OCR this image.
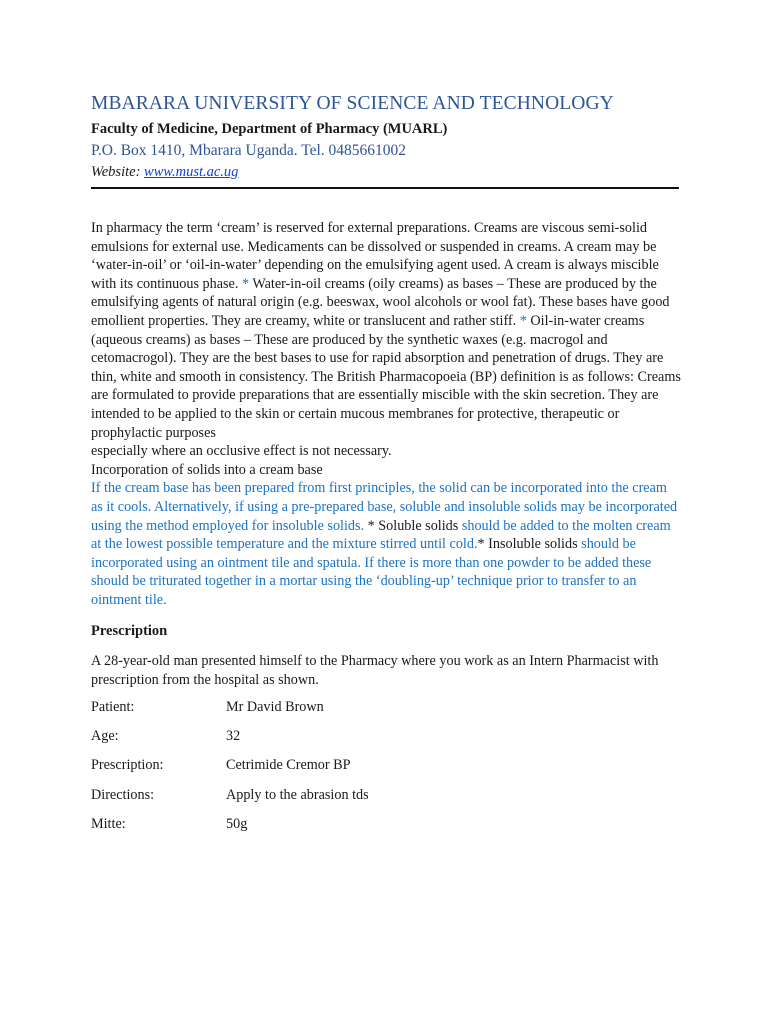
MBARARA UNIVERSITY OF SCIENCE AND TECHNOLOGY
Faculty of Medicine, Department of Pharmacy (MUARL)
P.O. Box 1410, Mbarara Uganda. Tel. 0485661002
Website: www.must.ac.ug

In pharmacy the term ‘cream’ is reserved for external preparations. Creams are viscous semi-solid emulsions for external use. Medicaments can be dissolved or suspended in creams. A cream may be ‘water-in-oil’ or ‘oil-in-water’ depending on the emulsifying agent used. A cream is always miscible with its continuous phase. * Water-in-oil creams (oily creams) as bases – These are produced by the emulsifying agents of natural origin (e.g. beeswax, wool alcohols or wool fat). These bases have good emollient properties. They are creamy, white or translucent and rather stiff. * Oil-in-water creams (aqueous creams) as bases – These are produced by the synthetic waxes (e.g. macrogol and cetomacrogol). They are the best bases to use for rapid absorption and penetration of drugs. They are thin, white and smooth in consistency. The British Pharmacopoeia (BP) definition is as follows: Creams are formulated to provide preparations that are essentially miscible with the skin secretion. They are intended to be applied to the skin or certain mucous membranes for protective, therapeutic or prophylactic purposes

especially where an occlusive effect is not necessary.

Incorporation of solids into a cream base

If the cream base has been prepared from first principles, the solid can be incorporated into the cream as it cools. Alternatively, if using a pre-prepared base, soluble and insoluble solids may be incorporated using the method employed for insoluble solids. * Soluble solids should be added to the molten cream at the lowest possible temperature and the mixture stirred until cold.* Insoluble solids should be incorporated using an ointment tile and spatula. If there is more than one powder to be added these should be triturated together in a mortar using the ‘doubling-up’ technique prior to transfer to an ointment tile.

Prescription
A 28-year-old man presented himself to the Pharmacy where you work as an Intern Pharmacist with prescription from the hospital as shown.
Patient:	Mr David Brown
Age:	32
Prescription:	Cetrimide Cremor BP
Directions:	Apply to the abrasion tds
Mitte:	50g
